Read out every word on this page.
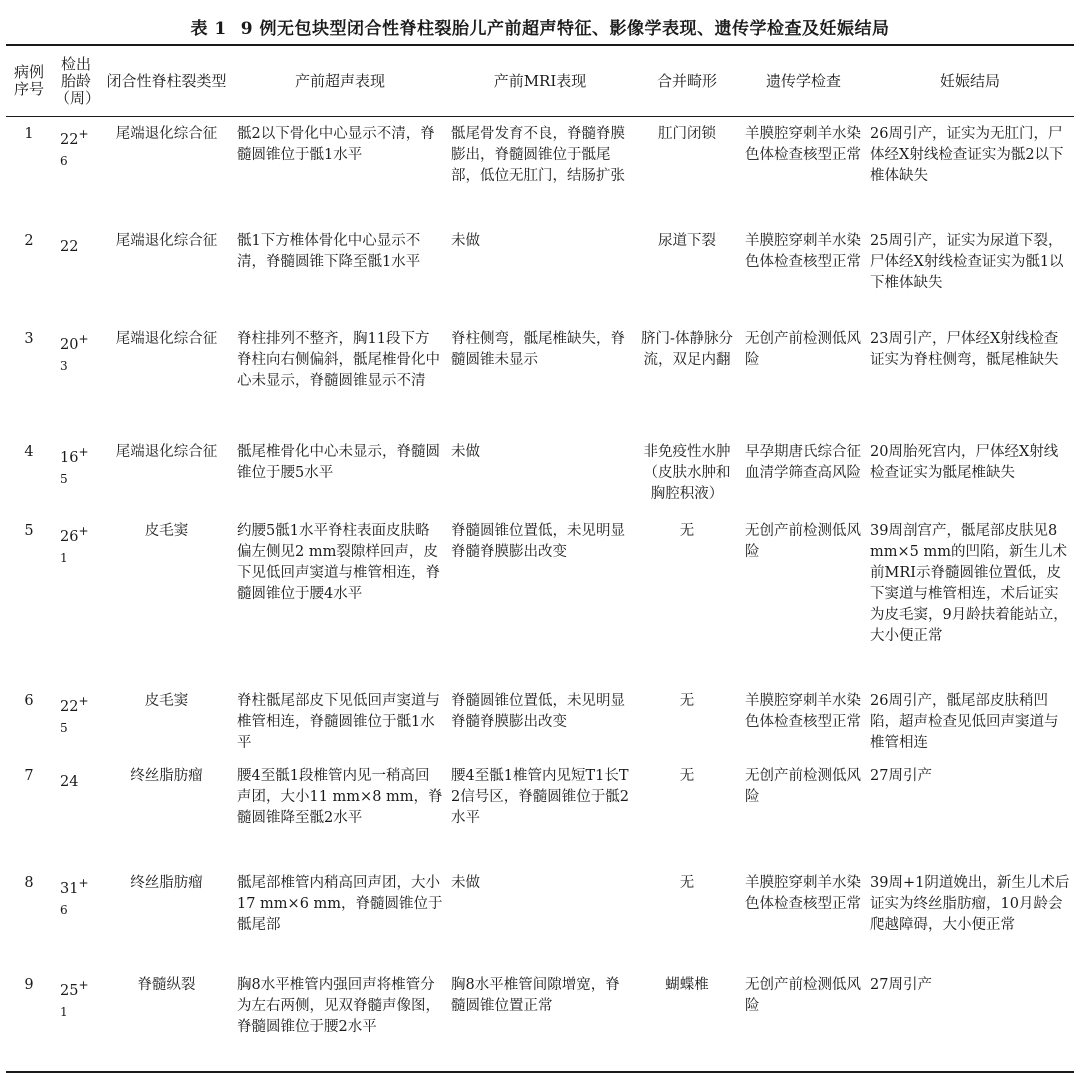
表 1 9 例无包块型闭合性脊柱裂胎儿产前超声特征、影像学表现、遗传学检查及妊娠结局
病例序号	检出胎龄（周）	闭合性脊柱裂类型	产前超声表现	产前MRI表现	合并畸形	遗传学检查	妊娠结局
1	$22^{+6}$	尾端退化综合征	骶2以下骨化中心显示不清，脊髓圆锥位于骶1水平	骶尾骨发育不良，脊髓脊膜膨出，脊髓圆锥位于骶尾部，低位无肛门，结肠扩张	肛门闭锁	羊膜腔穿刺羊水染色体检查核型正常	26周引产，证实为无肛门，尸体经X射线检查证实为骶2以下椎体缺失
2	22	尾端退化综合征	骶1下方椎体骨化中心显示不清，脊髓圆锥下降至骶1水平	未做	尿道下裂	羊膜腔穿刺羊水染色体检查核型正常	25周引产，证实为尿道下裂，尸体经X射线检查证实为骶1以下椎体缺失
3	$20^{+3}$	尾端退化综合征	脊柱排列不整齐，胸11段下方脊柱向右侧偏斜，骶尾椎骨化中心未显示，脊髓圆锥显示不清	脊柱侧弯，骶尾椎缺失，脊髓圆锥未显示	脐门-体静脉分流，双足内翻	无创产前检测低风险	23周引产，尸体经X射线检查证实为脊柱侧弯，骶尾椎缺失
4	$16^{+5}$	尾端退化综合征	骶尾椎骨化中心未显示，脊髓圆锥位于腰5水平	未做	非免疫性水肿（皮肤水肿和胸腔积液）	早孕期唐氏综合征血清学筛查高风险	20周胎死宫内，尸体经X射线检查证实为骶尾椎缺失
5	$26^{+1}$	皮毛窦	约腰5骶1水平脊柱表面皮肤略偏左侧见2 mm裂隙样回声，皮下见低回声窦道与椎管相连，脊髓圆锥位于腰4水平	脊髓圆锥位置低，未见明显脊髓脊膜膨出改变	无	无创产前检测低风险	39周剖宫产，骶尾部皮肤见8 mm×5 mm的凹陷，新生儿术前MRI示脊髓圆锥位置低，皮下窦道与椎管相连，术后证实为皮毛窦，9月龄扶着能站立，大小便正常
6	$22^{+5}$	皮毛窦	脊柱骶尾部皮下见低回声窦道与椎管相连，脊髓圆锥位于骶1水平	脊髓圆锥位置低，未见明显脊髓脊膜膨出改变	无	羊膜腔穿刺羊水染色体检查核型正常	26周引产，骶尾部皮肤稍凹陷，超声检查见低回声窦道与椎管相连
7	24	终丝脂肪瘤	腰4至骶1段椎管内见一稍高回声团，大小11 mm×8 mm，脊髓圆锥降至骶2水平	腰4至骶1椎管内见短T1长T2信号区，脊髓圆锥位于骶2水平	无	无创产前检测低风险	27周引产
8	$31^{+6}$	终丝脂肪瘤	骶尾部椎管内稍高回声团，大小17 mm×6 mm，脊髓圆锥位于骶尾部	未做	无	羊膜腔穿刺羊水染色体检查核型正常	39周+1阴道娩出，新生儿术后证实为终丝脂肪瘤，10月龄会爬越障碍，大小便正常
9	$25^{+1}$	脊髓纵裂	胸8水平椎管内强回声将椎管分为左右两侧，见双脊髓声像图，脊髓圆锥位于腰2水平	胸8水平椎管间隙增宽，脊髓圆锥位置正常	蝴蝶椎	无创产前检测低风险	27周引产
